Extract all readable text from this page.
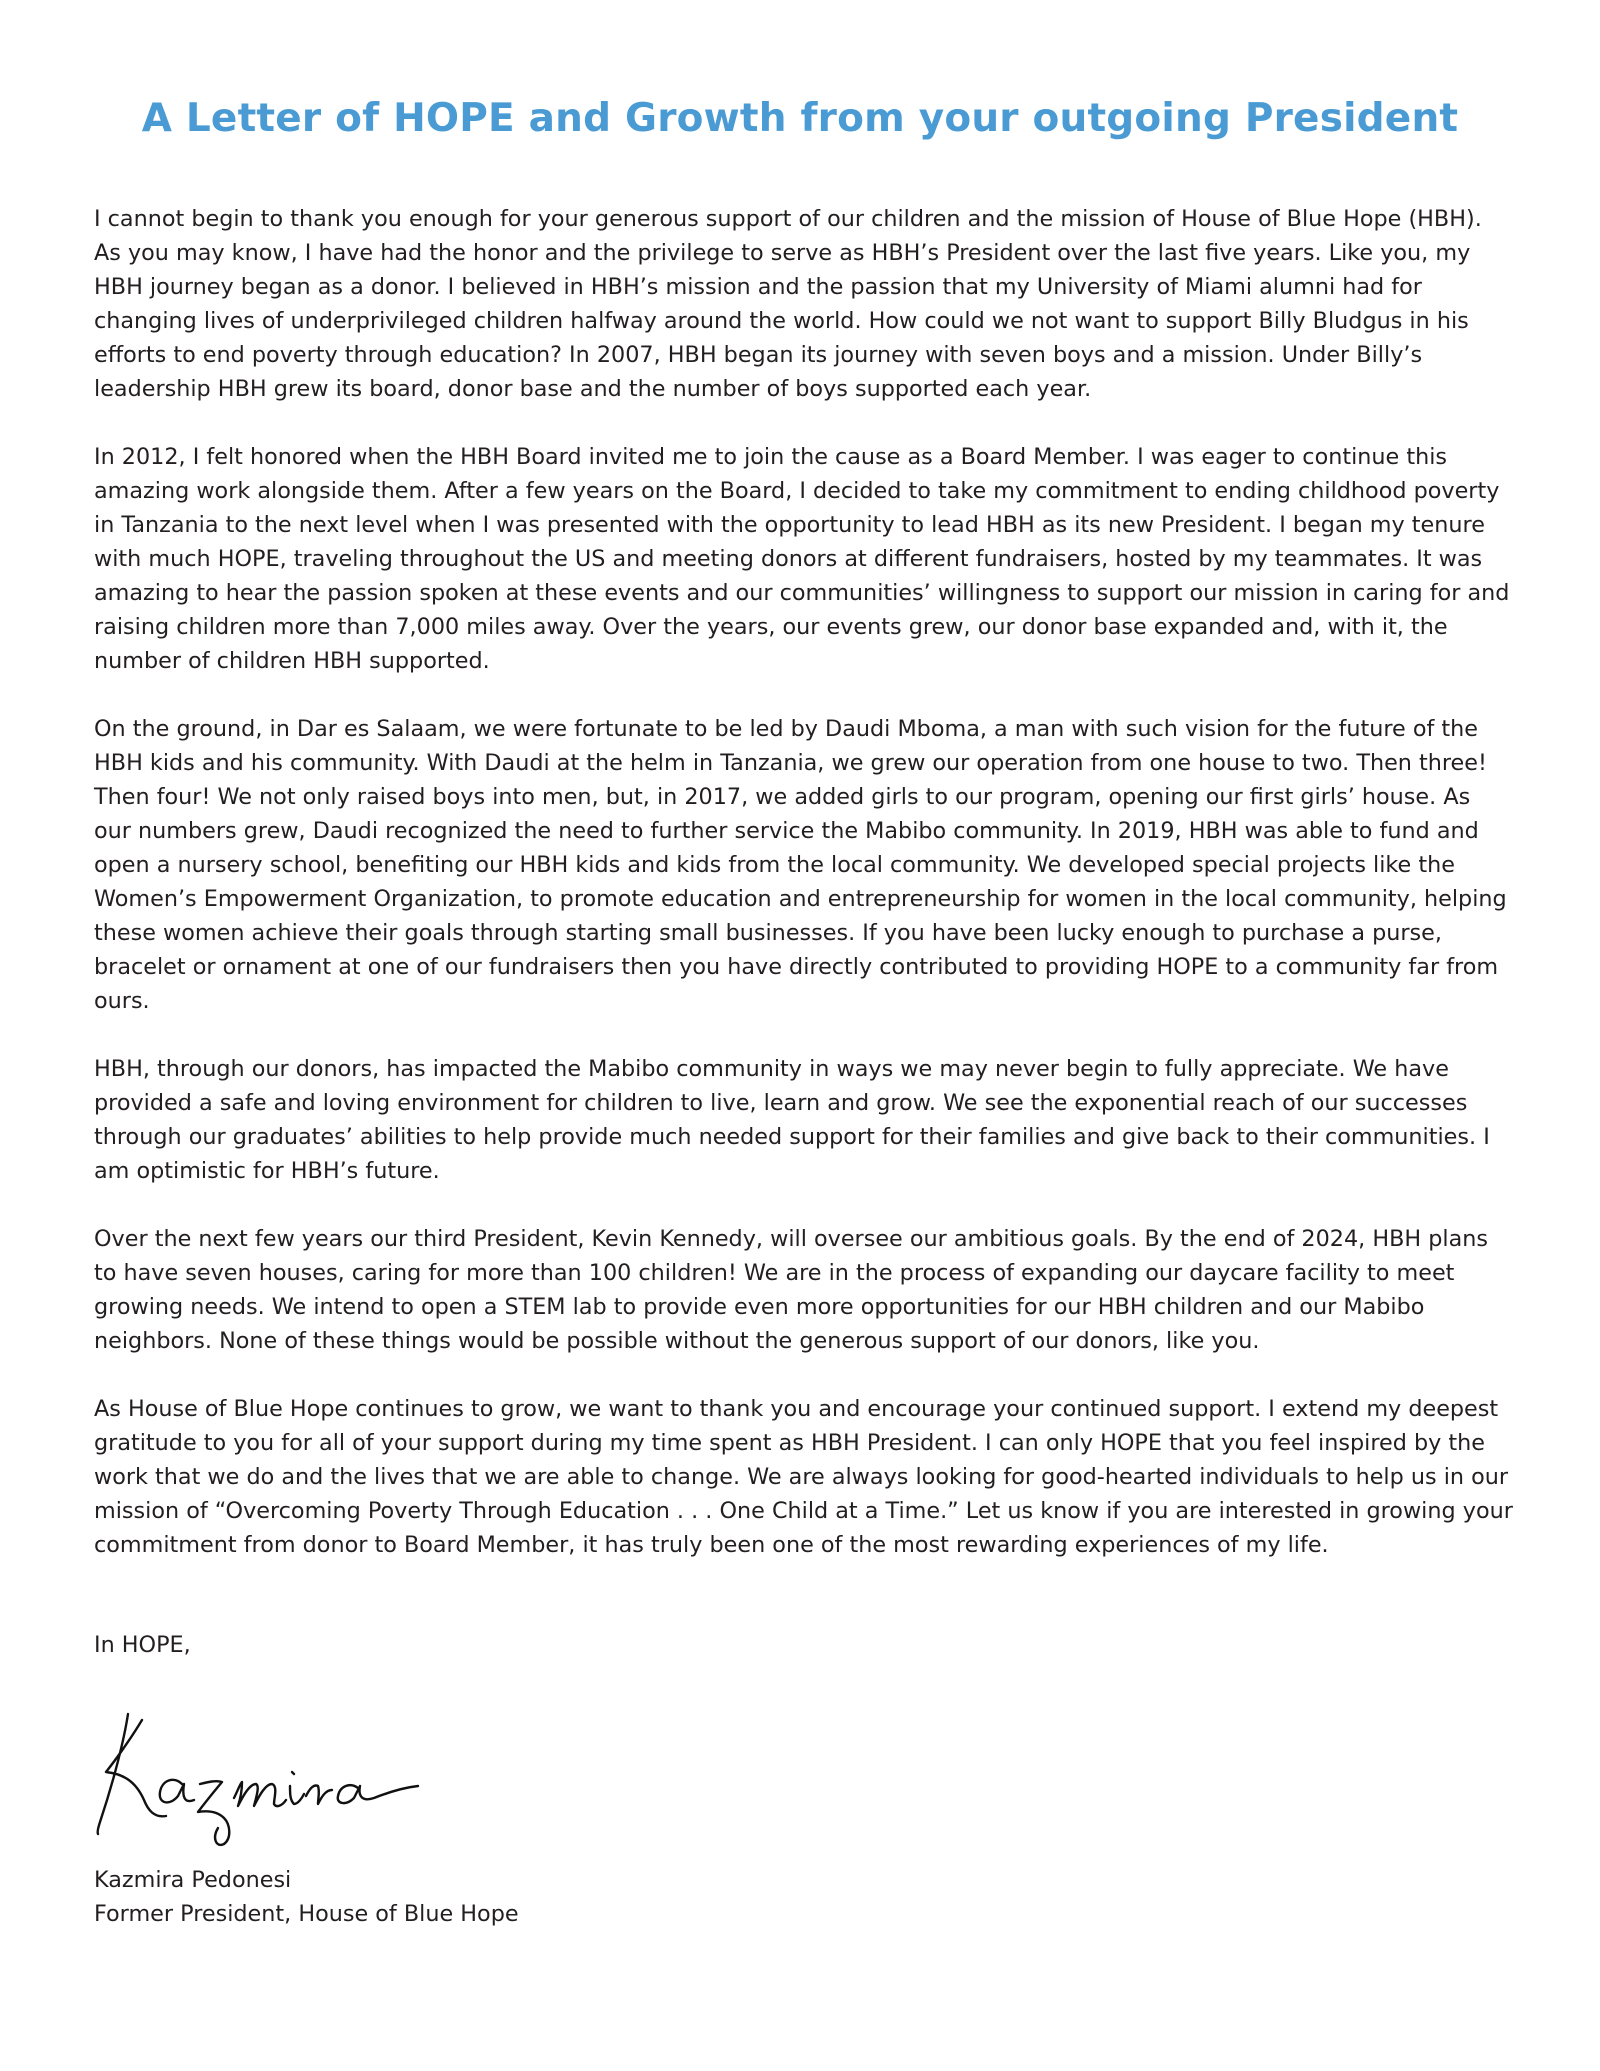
A Letter of HOPE and Growth from your outgoing President

I cannot begin to thank you enough for your generous support of our children and the mission of House of Blue Hope (HBH). As you may know, I have had the honor and the privilege to serve as HBH’s President over the last five years. Like you, my HBH journey began as a donor. I believed in HBH’s mission and the passion that my University of Miami alumni had for changing lives of underprivileged children halfway around the world. How could we not want to support Billy Bludgus in his efforts to end poverty through education? In 2007, HBH began its journey with seven boys and a mission. Under Billy’s leadership HBH grew its board, donor base and the number of boys supported each year.

In 2012, I felt honored when the HBH Board invited me to join the cause as a Board Member. I was eager to continue this amazing work alongside them. After a few years on the Board, I decided to take my commitment to ending childhood poverty in Tanzania to the next level when I was presented with the opportunity to lead HBH as its new President. I began my tenure with much HOPE, traveling throughout the US and meeting donors at different fundraisers, hosted by my teammates. It was amazing to hear the passion spoken at these events and our communities’ willingness to support our mission in caring for and raising children more than 7,000 miles away. Over the years, our events grew, our donor base expanded and, with it, the number of children HBH supported.

On the ground, in Dar es Salaam, we were fortunate to be led by Daudi Mboma, a man with such vision for the future of the HBH kids and his community. With Daudi at the helm in Tanzania, we grew our operation from one house to two. Then three! Then four! We not only raised boys into men, but, in 2017, we added girls to our program, opening our first girls’ house. As our numbers grew, Daudi recognized the need to further service the Mabibo community. In 2019, HBH was able to fund and open a nursery school, benefiting our HBH kids and kids from the local community. We developed special projects like the Women’s Empowerment Organization, to promote education and entrepreneurship for women in the local community, helping these women achieve their goals through starting small businesses. If you have been lucky enough to purchase a purse, bracelet or ornament at one of our fundraisers then you have directly contributed to providing HOPE to a community far from ours.

HBH, through our donors, has impacted the Mabibo community in ways we may never begin to fully appreciate. We have provided a safe and loving environment for children to live, learn and grow. We see the exponential reach of our successes through our graduates’ abilities to help provide much needed support for their families and give back to their communities. I am optimistic for HBH’s future.

Over the next few years our third President, Kevin Kennedy, will oversee our ambitious goals. By the end of 2024, HBH plans to have seven houses, caring for more than 100 children! We are in the process of expanding our daycare facility to meet growing needs. We intend to open a STEM lab to provide even more opportunities for our HBH children and our Mabibo neighbors. None of these things would be possible without the generous support of our donors, like you.

As House of Blue Hope continues to grow, we want to thank you and encourage your continued support. I extend my deepest gratitude to you for all of your support during my time spent as HBH President. I can only HOPE that you feel inspired by the work that we do and the lives that we are able to change. We are always looking for good-hearted individuals to help us in our mission of “Overcoming Poverty Through Education . . . One Child at a Time.” Let us know if you are interested in growing your commitment from donor to Board Member, it has truly been one of the most rewarding experiences of my life.

In HOPE,
Kazmira Pedonesi
Former President, House of Blue Hope
